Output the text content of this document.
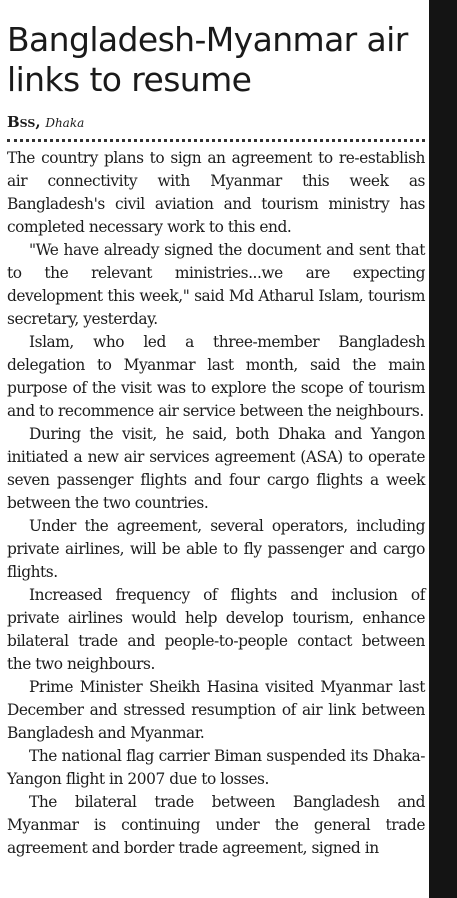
Bangladesh-Myanmar air links to resume
Bss, Dhaka

The country plans to sign an agreement to re-establish air connectivity with Myanmar this week as Bangladesh's civil aviation and tourism ministry has completed necessary work to this end.

"We have already signed the document and sent that to the relevant ministries...we are expecting development this week," said Md Atharul Islam, tourism secretary, yesterday.

Islam, who led a three-member Bangladesh delegation to Myanmar last month, said the main purpose of the visit was to explore the scope of tourism and to recommence air service between the neighbours.

During the visit, he said, both Dhaka and Yangon initiated a new air services agreement (ASA) to operate seven passenger flights and four cargo flights a week between the two countries.

Under the agreement, several operators, including private airlines, will be able to fly passenger and cargo flights.

Increased frequency of flights and inclusion of private airlines would help develop tourism, enhance bilateral trade and people-to-people contact between the two neighbours.

Prime Minister Sheikh Hasina visited Myanmar last December and stressed resumption of air link between Bangladesh and Myanmar.

The national flag carrier Biman suspended its Dhaka-Yangon flight in 2007 due to losses.

The bilateral trade between Bangladesh and Myanmar is continuing under the general trade agreement and border trade agreement, signed in
